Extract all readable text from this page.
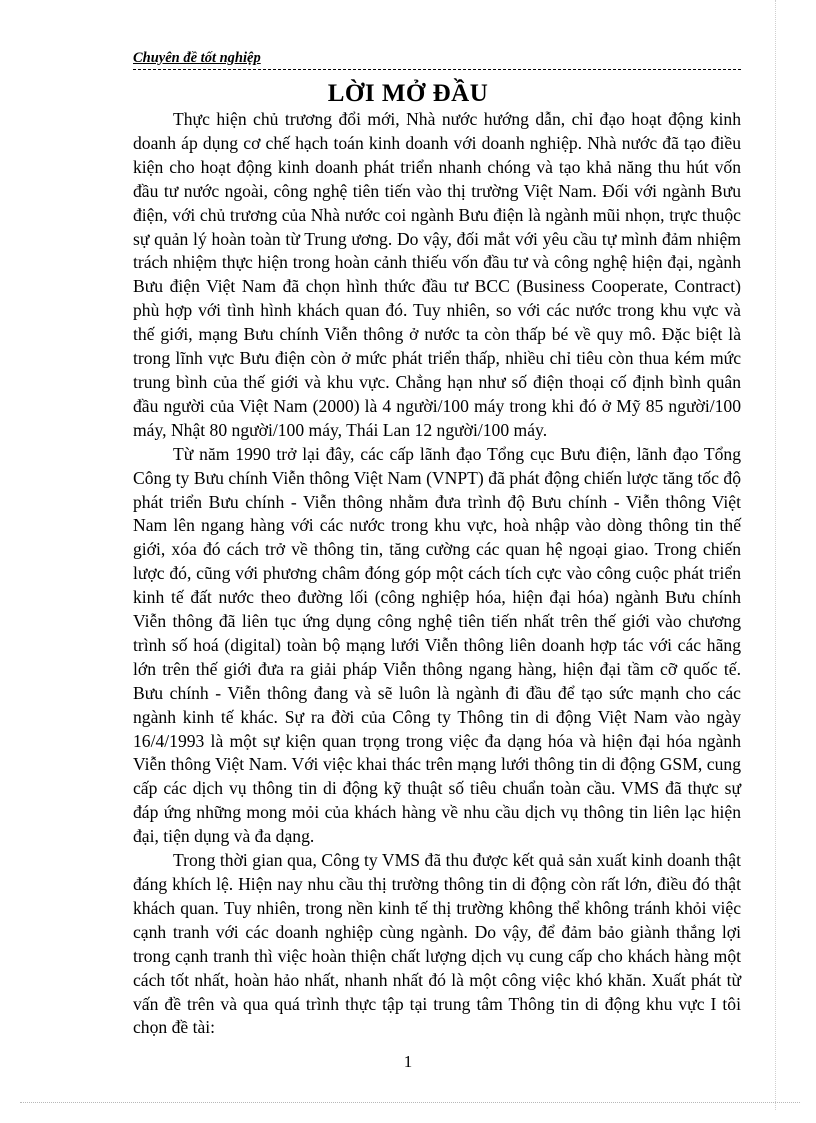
Chuyên đề tốt nghiệp
LỜI MỞ ĐẦU

Thực hiện chủ trương đổi mới, Nhà nước hướng dẫn, chỉ đạo hoạt động kinh doanh áp dụng cơ chế hạch toán kinh doanh với doanh nghiệp. Nhà nước đã tạo điều kiện cho hoạt động kinh doanh phát triển nhanh chóng và tạo khả năng thu hút vốn đầu tư nước ngoài, công nghệ tiên tiến vào thị trường Việt Nam. Đối với ngành Bưu điện, với chủ trương của Nhà nước coi ngành Bưu điện là ngành mũi nhọn, trực thuộc sự quản lý hoàn toàn từ Trung ương. Do vậy, đối mắt với yêu cầu tự mình đảm nhiệm trách nhiệm thực hiện trong hoàn cảnh thiếu vốn đầu tư và công nghệ hiện đại, ngành Bưu điện Việt Nam đã chọn hình thức đầu tư BCC (Business Cooperate, Contract) phù hợp với tình hình khách quan đó. Tuy nhiên, so với các nước trong khu vực và thế giới, mạng Bưu chính Viễn thông ở nước ta còn thấp bé về quy mô. Đặc biệt là trong lĩnh vực Bưu điện còn ở mức phát triển thấp, nhiều chỉ tiêu còn thua kém mức trung bình của thế giới và khu vực. Chẳng hạn như số điện thoại cố định bình quân đầu người của Việt Nam (2000) là 4 người/100 máy trong khi đó ở Mỹ 85 người/100 máy, Nhật 80 người/100 máy, Thái Lan 12 người/100 máy.

Từ năm 1990 trở lại đây, các cấp lãnh đạo Tổng cục Bưu điện, lãnh đạo Tổng Công ty Bưu chính Viễn thông Việt Nam (VNPT) đã phát động chiến lược tăng tốc độ phát triển Bưu chính - Viễn thông nhằm đưa trình độ Bưu chính - Viễn thông Việt Nam lên ngang hàng với các nước trong khu vực, hoà nhập vào dòng thông tin thế giới, xóa đó cách trở về thông tin, tăng cường các quan hệ ngoại giao. Trong chiến lược đó, cũng với phương châm đóng góp một cách tích cực vào công cuộc phát triển kinh tế đất nước theo đường lối (công nghiệp hóa, hiện đại hóa) ngành Bưu chính Viễn thông đã liên tục ứng dụng công nghệ tiên tiến nhất trên thế giới vào chương trình số hoá (digital) toàn bộ mạng lưới Viễn thông liên doanh hợp tác với các hãng lớn trên thế giới đưa ra giải pháp Viễn thông ngang hàng, hiện đại tầm cỡ quốc tế. Bưu chính - Viễn thông đang và sẽ luôn là ngành đi đầu để tạo sức mạnh cho các ngành kinh tế khác. Sự ra đời của Công ty Thông tin di động Việt Nam vào ngày 16/4/1993 là một sự kiện quan trọng trong việc đa dạng hóa và hiện đại hóa ngành Viễn thông Việt Nam. Với việc khai thác trên mạng lưới thông tin di động GSM, cung cấp các dịch vụ thông tin di động kỹ thuật số tiêu chuẩn toàn cầu. VMS đã thực sự đáp ứng những mong mỏi của khách hàng về nhu cầu dịch vụ thông tin liên lạc hiện đại, tiện dụng và đa dạng.

Trong thời gian qua, Công ty VMS đã thu được kết quả sản xuất kinh doanh thật đáng khích lệ. Hiện nay nhu cầu thị trường thông tin di động còn rất lớn, điều đó thật khách quan. Tuy nhiên, trong nền kinh tế thị trường không thể không tránh khỏi việc cạnh tranh với các doanh nghiệp cùng ngành. Do vậy, để đảm bảo giành thắng lợi trong cạnh tranh thì việc hoàn thiện chất lượng dịch vụ cung cấp cho khách hàng một cách tốt nhất, hoàn hảo nhất, nhanh nhất đó là một công việc khó khăn. Xuất phát từ vấn đề trên và qua quá trình thực tập tại trung tâm Thông tin di động khu vực I tôi chọn đề tài:

1
